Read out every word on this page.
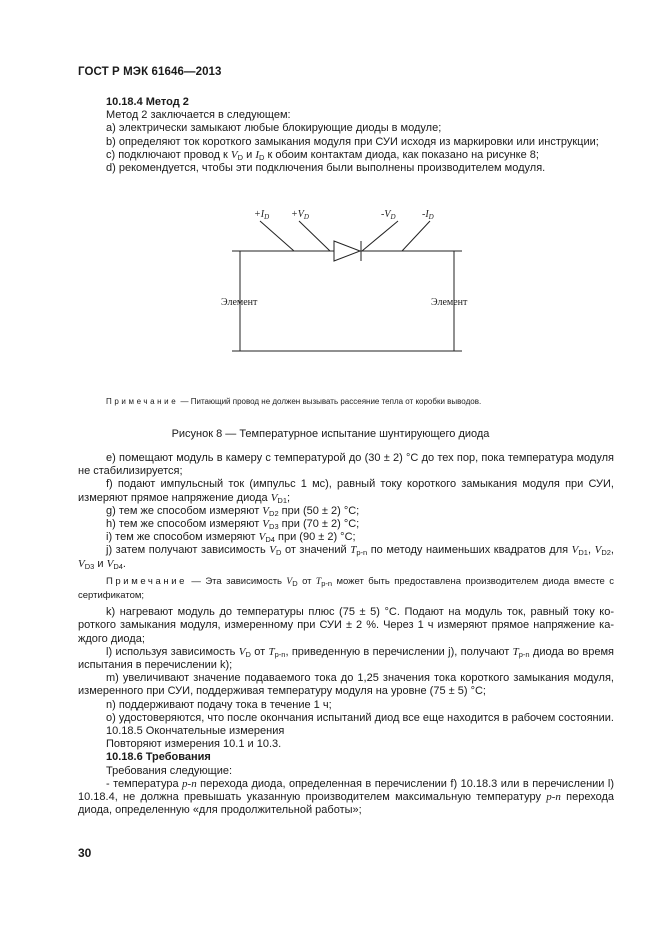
ГОСТ Р МЭК 61646—2013

10.18.4 Метод 2

Метод 2 заключается в следующем:

a) электрически замыкают любые блокирующие диоды в модуле;

b) определяют ток короткого замыкания модуля при СУИ исходя из маркировки или инструкции;

c) подключают провод к $V_D$ и $I_D$ к обоим контактам диода, как показано на рисунке 8;

d) рекомендуется, чтобы эти подключения были выполнены производителем модуля.

$+I_D +V_D$	$-V_D$	$-I_D$
Элемент	Элемент
Примечание — Питающий провод не должен вызывать рассеяние тепла от коробки выводов.
Рисунок 8 — Температурное испытание шунтирующего диода

e) помещают модуль в камеру с температурой до (30 ± 2) °С до тех пор, пока температура модуля не стабилизируется;

f) подают импульсный ток (импульс 1 мс), равный току короткого замыкания модуля при СУИ, измеряют прямое напряжение диода $V_{D1}$;

g) тем же способом измеряют $V_{D2}$ при (50 ± 2) °С;

h) тем же способом измеряют $V_{D3}$ при (70 ± 2) °С;

i) тем же способом измеряют $V_{D4}$ при (90 ± 2) °С;

j) затем получают зависимость $V_D$ от значений $T_{p-n}$ по методу наименьших квадратов для $V_{D1}$, $V_{D2}$, $V_{D3}$ и $V_{D4}$.

Примечание — Эта зависимость $V_D$ от $T_{p-n}$ может быть предоставлена производителем диода вместе с сертификатом;

k) нагревают модуль до температуры плюс (75 ± 5) °С. Подают на модуль ток, равный току короткого замыкания модуля, измеренному при СУИ ± 2 %. Через 1 ч измеряют прямое напряжение каждого диода;

l) используя зависимость $V_D$ от $T_{p-n}$, приведенную в перечислении j), получают $T_{p-n}$ диода во время испытания в перечислении k);

m) увеличивают значение подаваемого тока до 1,25 значения тока короткого замыкания модуля, измеренного при СУИ, поддерживая температуру модуля на уровне (75 ± 5) °С;

n) поддерживают подачу тока в течение 1 ч;

o) удостоверяются, что после окончания испытаний диод все еще находится в рабочем состоянии.

10.18.5 Окончательные измерения

Повторяют измерения 10.1 и 10.3.

10.18.6 Требования

Требования следующие:

- температура p-n перехода диода, определенная в перечислении f) 10.18.3 или в перечислении l) 10.18.4, не должна превышать указанную производителем максимальную температуру p-n перехода диода, определенную «для продолжительной работы»;

30
